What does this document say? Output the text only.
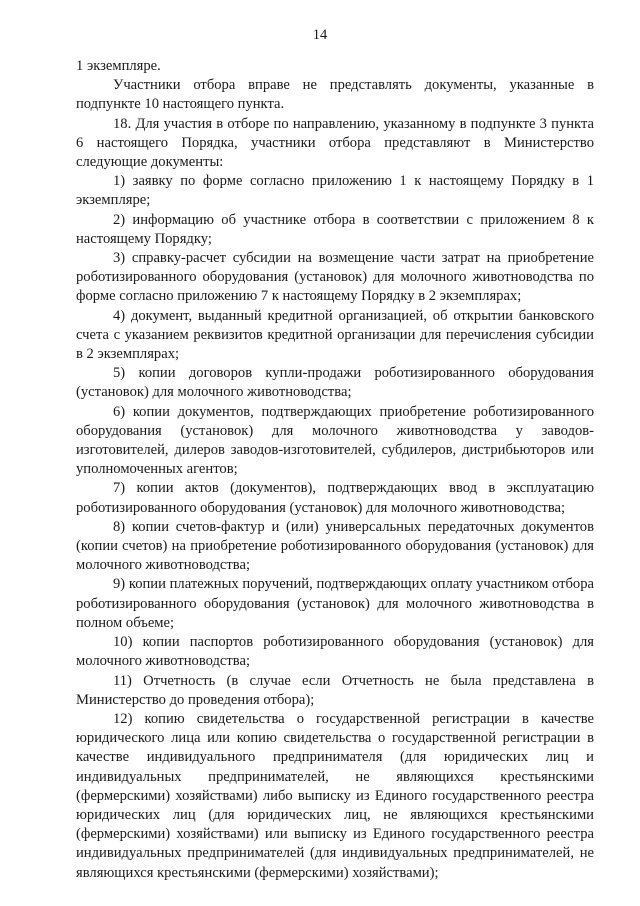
14

1 экземпляре.

Участники отбора вправе не представлять документы, указанные в подпункте 10 настоящего пункта.

18. Для участия в отборе по направлению, указанному в подпункте 3 пункта 6 настоящего Порядка, участники отбора представляют в Министерство следующие документы:

1) заявку по форме согласно приложению 1 к настоящему Порядку в 1 экземпляре;

2) информацию об участнике отбора в соответствии с приложением 8 к настоящему Порядку;

3) справку-расчет субсидии на возмещение части затрат на приобретение роботизированного оборудования (установок) для молочного животноводства по форме согласно приложению 7 к настоящему Порядку в 2 экземплярах;

4) документ, выданный кредитной организацией, об открытии банковского счета с указанием реквизитов кредитной организации для перечисления субсидии в 2 экземплярах;

5) копии договоров купли-продажи роботизированного оборудования (установок) для молочного животноводства;

6) копии документов, подтверждающих приобретение роботизированного оборудования (установок) для молочного животноводства у заводов-изготовителей, дилеров заводов-изготовителей, субдилеров, дистрибьюторов или уполномоченных агентов;

7) копии актов (документов), подтверждающих ввод в эксплуатацию роботизированного оборудования (установок) для молочного животноводства;

8) копии счетов-фактур и (или) универсальных передаточных документов (копии счетов) на приобретение роботизированного оборудования (установок) для молочного животноводства;

9) копии платежных поручений, подтверждающих оплату участником отбора роботизированного оборудования (установок) для молочного животноводства в полном объеме;

10) копии паспортов роботизированного оборудования (установок) для молочного животноводства;

11) Отчетность (в случае если Отчетность не была представлена в Министерство до проведения отбора);

12) копию свидетельства о государственной регистрации в качестве юридического лица или копию свидетельства о государственной регистрации в качестве индивидуального предпринимателя (для юридических лиц и индивидуальных предпринимателей, не являющихся крестьянскими (фермерскими) хозяйствами) либо выписку из Единого государственного реестра юридических лиц (для юридических лиц, не являющихся крестьянскими (фермерскими) хозяйствами) или выписку из Единого государственного реестра индивидуальных предпринимателей (для индивидуальных предпринимателей, не являющихся крестьянскими (фермерскими) хозяйствами);
